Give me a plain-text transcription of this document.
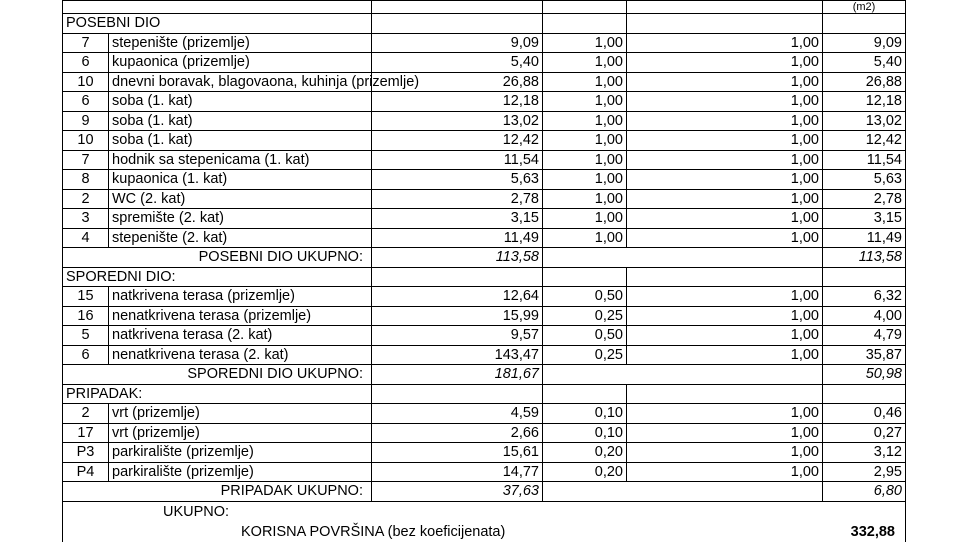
					(m2)
POSEBNI DIO					
7	stepenište (prizemlje)	9,09	1,00	1,00	9,09
6	kupaonica (prizemlje)	5,40	1,00	1,00	5,40
10	dnevni boravak, blagovaona, kuhinja (prizemlje)	26,88	1,00	1,00	26,88
6	soba (1. kat)	12,18	1,00	1,00	12,18
9	soba (1. kat)	13,02	1,00	1,00	13,02
10	soba (1. kat)	12,42	1,00	1,00	12,42
7	hodnik sa stepenicama (1. kat)	11,54	1,00	1,00	11,54
8	kupaonica (1. kat)	5,63	1,00	1,00	5,63
2	WC (2. kat)	2,78	1,00	1,00	2,78
3	spremište (2. kat)	3,15	1,00	1,00	3,15
4	stepenište (2. kat)	11,49	1,00	1,00	11,49
POSEBNI DIO UKUPNO:		113,58			113,58
SPOREDNI DIO:					
15	natkrivena terasa (prizemlje)	12,64	0,50	1,00	6,32
16	nenatkrivena terasa (prizemlje)	15,99	0,25	1,00	4,00
5	natkrivena terasa (2. kat)	9,57	0,50	1,00	4,79
6	nenatkrivena terasa (2. kat)	143,47	0,25	1,00	35,87
SPOREDNI DIO UKUPNO:		181,67			50,98
PRIPADAK:					
2	vrt (prizemlje)	4,59	0,10	1,00	0,46
17	vrt (prizemlje)	2,66	0,10	1,00	0,27
P3	parkiralište (prizemlje)	15,61	0,20	1,00	3,12
P4	parkiralište (prizemlje)	14,77	0,20	1,00	2,95
PRIPADAK UKUPNO:		37,63			6,80
UKUPNO:					
KORISNA POVRŠINA (bez koeficijenata) 332,88					
